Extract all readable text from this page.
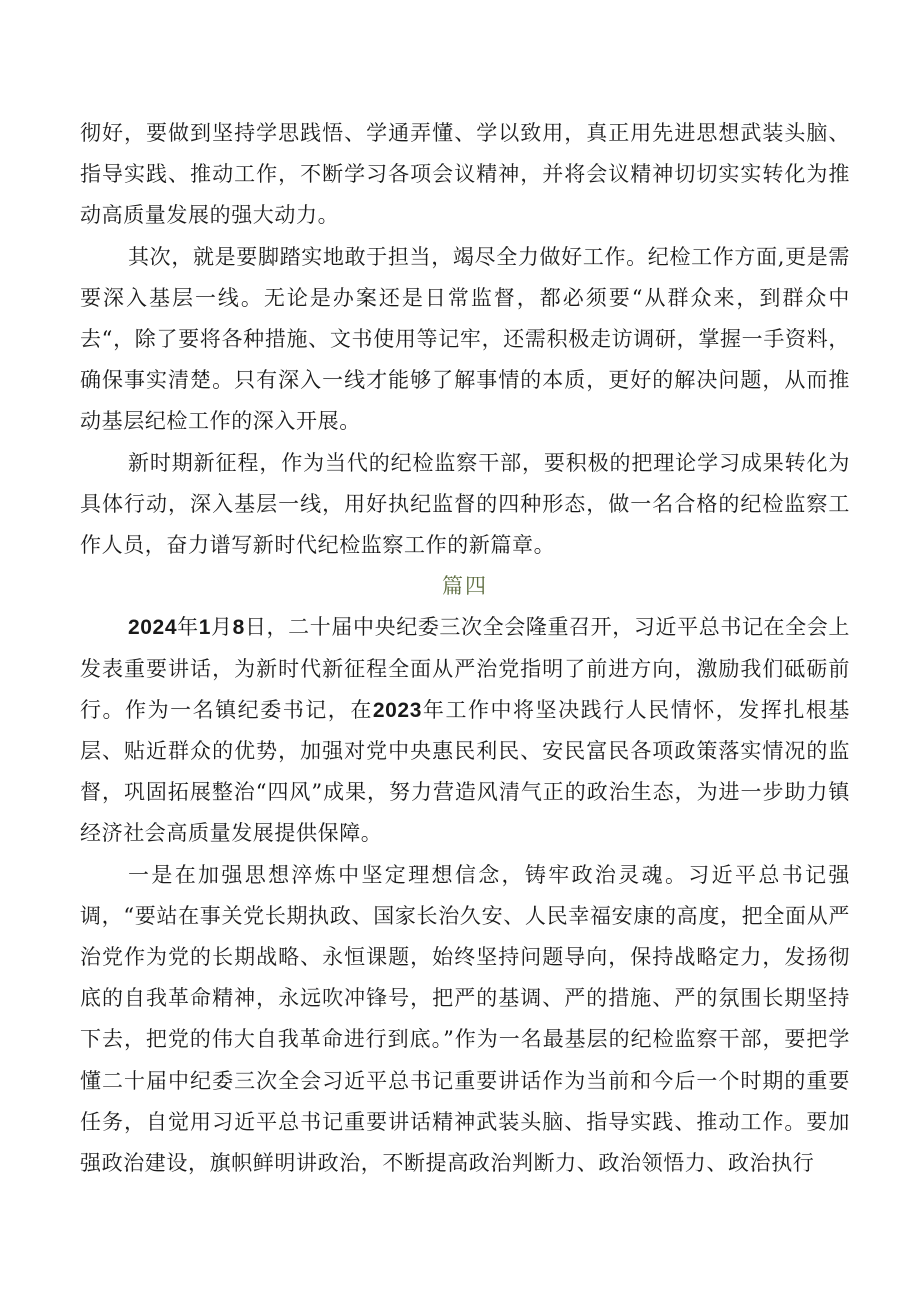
彻好，要做到坚持学思践悟、学通弄懂、学以致用，真正用先进思想武装头脑、指导实践、推动工作，不断学习各项会议精神，并将会议精神切切实实转化为推动高质量发展的强大动力。

其次，就是要脚踏实地敢于担当，竭尽全力做好工作。纪检工作方面,更是需要深入基层一线。无论是办案还是日常监督，都必须要“从群众来，到群众中去“，除了要将各种措施、文书使用等记牢，还需积极走访调研，掌握一手资料，确保事实清楚。只有深入一线才能够了解事情的本质，更好的解决问题，从而推动基层纪检工作的深入开展。

新时期新征程，作为当代的纪检监察干部，要积极的把理论学习成果转化为具体行动，深入基层一线，用好执纪监督的四种形态，做一名合格的纪检监察工作人员，奋力谱写新时代纪检监察工作的新篇章。

篇四

2024年1月8日，二十届中央纪委三次全会隆重召开，习近平总书记在全会上发表重要讲话，为新时代新征程全面从严治党指明了前进方向，激励我们砥砺前行。作为一名镇纪委书记，在2023年工作中将坚决践行人民情怀，发挥扎根基层、贴近群众的优势，加强对党中央惠民利民、安民富民各项政策落实情况的监督，巩固拓展整治“四风”成果，努力营造风清气正的政治生态，为进一步助力镇经济社会高质量发展提供保障。

一是在加强思想淬炼中坚定理想信念，铸牢政治灵魂。习近平总书记强调，“要站在事关党长期执政、国家长治久安、人民幸福安康的高度，把全面从严治党作为党的长期战略、永恒课题，始终坚持问题导向，保持战略定力，发扬彻底的自我革命精神，永远吹冲锋号，把严的基调、严的措施、严的氛围长期坚持下去，把党的伟大自我革命进行到底。”作为一名最基层的纪检监察干部，要把学懂二十届中纪委三次全会习近平总书记重要讲话作为当前和今后一个时期的重要任务，自觉用习近平总书记重要讲话精神武装头脑、指导实践、推动工作。要加强政治建设，旗帜鲜明讲政治，不断提高政治判断力、政治领悟力、政治执行
